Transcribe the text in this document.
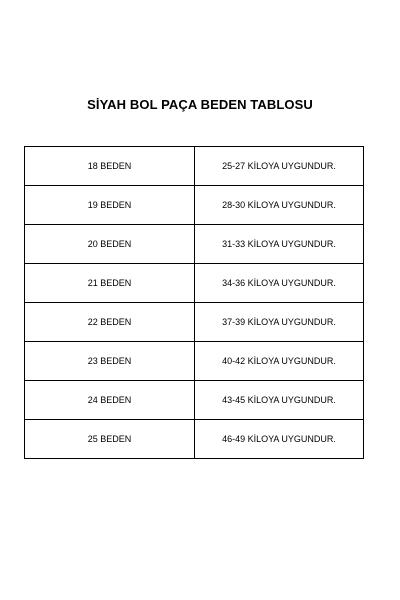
SİYAH BOL PAÇA BEDEN TABLOSU
18 BEDEN	25-27 KİLOYA UYGUNDUR.
19 BEDEN	28-30 KİLOYA UYGUNDUR.
20 BEDEN	31-33 KİLOYA UYGUNDUR.
21 BEDEN	34-36 KİLOYA UYGUNDUR.
22 BEDEN	37-39 KİLOYA UYGUNDUR.
23 BEDEN	40-42 KİLOYA UYGUNDUR.
24 BEDEN	43-45 KİLOYA UYGUNDUR.
25 BEDEN	46-49 KİLOYA UYGUNDUR.
